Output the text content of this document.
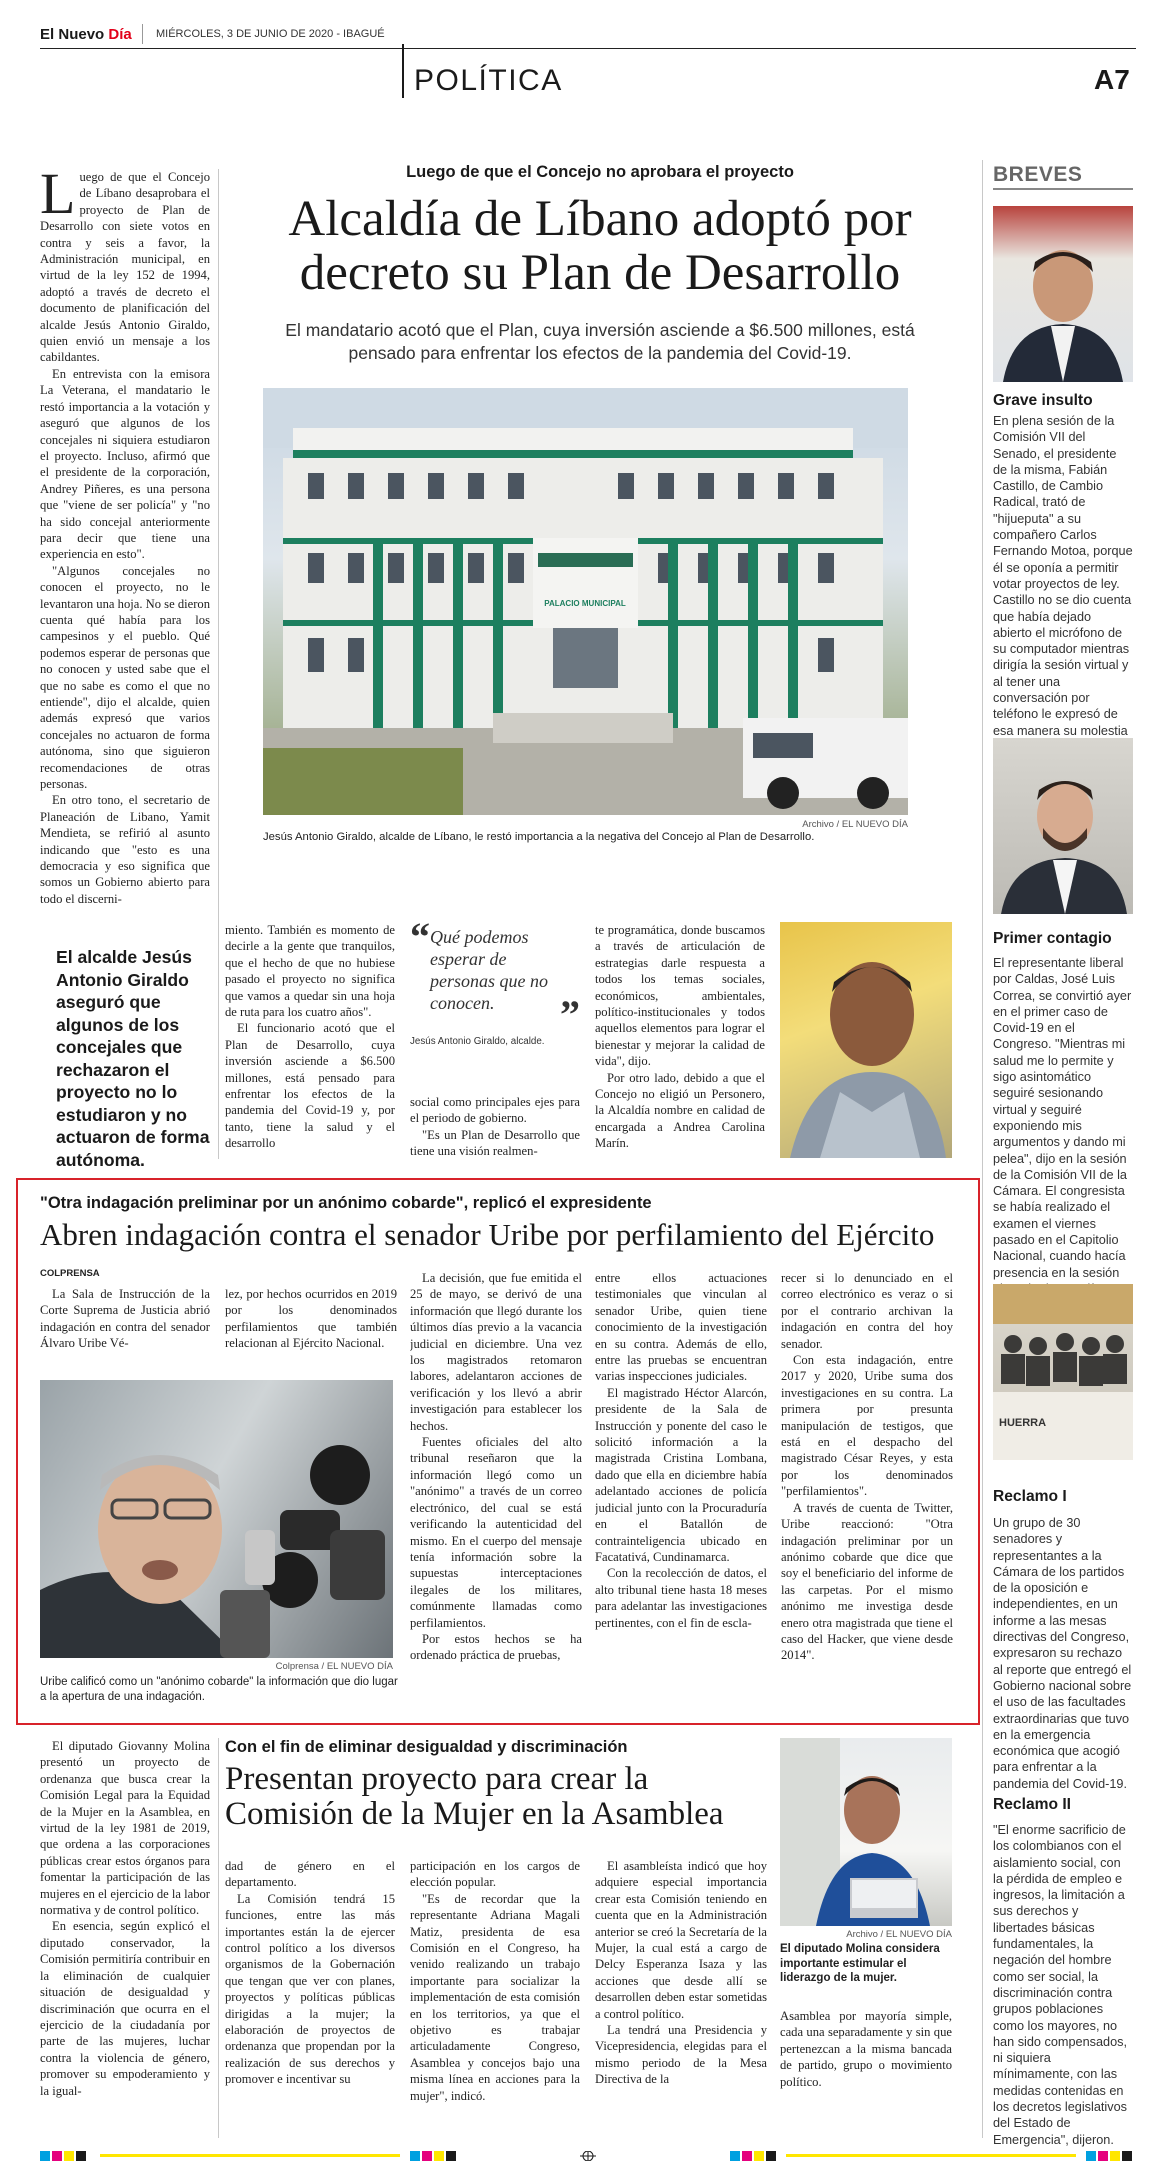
El Nuevo Día MIÉRCOLES, 3 DE JUNIO DE 2020 - IBAGUÉ
POLÍTICA	A7
Luego de que el Concejo no aprobara el proyecto
Alcaldía de Líbano adoptó por
decreto su Plan de Desarrollo
El mandatario acotó que el Plan, cuya inversión asciende a $6.500 millones, está
pensado para enfrentar los efectos de la pandemia del Covid-19.
PALACIO MUNICIPAL
Archivo / EL NUEVO DÍA
Jesús Antonio Giraldo, alcalde de Líbano, le restó importancia a la negativa del Concejo al Plan de Desarrollo.

Luego de que el Concejo de Líbano desaprobara el proyecto de Plan de Desarrollo con siete votos en contra y seis a favor, la Administración municipal, en virtud de la ley 152 de 1994, adoptó a través de decreto el documento de planificación del alcalde Jesús Antonio Giraldo, quien envió un mensaje a los cabildantes.

En entrevista con la emisora La Veterana, el mandatario le restó importancia a la votación y aseguró que algunos de los concejales ni siquiera estudiaron el proyecto. Incluso, afirmó que el presidente de la corporación, Andrey Piñeres, es una persona que "viene de ser policía" y "no ha sido concejal anteriormente para decir que tiene una experiencia en esto".

"Algunos concejales no conocen el proyecto, no le levantaron una hoja. No se dieron cuenta qué había para los campesinos y el pueblo. Qué podemos esperar de personas que no conocen y usted sabe que el que no sabe es como el que no entiende", dijo el alcalde, quien además expresó que varios concejales no actuaron de forma autónoma, sino que siguieron recomendaciones de otras personas.

En otro tono, el secretario de Planeación de Libano, Yamit Mendieta, se refirió al asunto indicando que "esto es una democracia y eso significa que somos un Gobierno abierto para todo el discerni-

El alcalde Jesús Antonio Giraldo aseguró que algunos de los concejales que rechazaron el proyecto no lo estudiaron y no actuaron de forma autónoma.

miento. También es momento de decirle a la gente que tranquilos, que el hecho de que no hubiese pasado el proyecto no significa que vamos a quedar sin una hoja de ruta para los cuatro años".

El funcionario acotó que el Plan de Desarrollo, cuya inversión asciende a $6.500 millones, está pensado para enfrentar los efectos de la pandemia del Covid-19 y, por tanto, tiene la salud y el desarrollo

“ Qué podemos esperar de personas que no conocen.	”
Jesús Antonio Giraldo, alcalde.

social como principales ejes para el periodo de gobierno.

"Es un Plan de Desarrollo que tiene una visión realmen-

te programática, donde buscamos a través de articulación de estrategias darle respuesta a todos los temas sociales, económicos, ambientales, político-institucionales y todos aquellos elementos para lograr el bienestar y mejorar la calidad de vida", dijo.

Por otro lado, debido a que el Concejo no eligió un Personero, la Alcaldía nombre en calidad de encargada a Andrea Carolina Marín.

"Otra indagación preliminar por un anónimo cobarde", replicó el expresidente
Abren indagación contra el senador Uribe por perfilamiento del Ejército
COLPRENSA

La Sala de Instrucción de la Corte Suprema de Justicia abrió indagación en contra del senador Álvaro Uribe Vé-

lez, por hechos ocurridos en 2019 por los denominados perfilamientos que también relacionan al Ejército Nacional.

Colprensa / EL NUEVO DÍA
Uribe calificó como un "anónimo cobarde" la información que dio lugar a la apertura de una indagación.

La decisión, que fue emitida el 25 de mayo, se derivó de una información que llegó durante los últimos días previo a la vacancia judicial en diciembre. Una vez los magistrados retomaron labores, adelantaron acciones de verificación y los llevó a abrir investigación para establecer los hechos.

Fuentes oficiales del alto tribunal reseñaron que la información llegó como un "anónimo" a través de un correo electrónico, del cual se está verificando la autenticidad del mismo. En el cuerpo del mensaje tenía información sobre la supuestas interceptaciones ilegales de los militares, comúnmente llamadas como perfilamientos.

Por estos hechos se ha ordenado práctica de pruebas,

entre ellos actuaciones testimoniales que vinculan al senador Uribe, quien tiene conocimiento de la investigación en su contra. Además de ello, entre las pruebas se encuentran varias inspecciones judiciales.

El magistrado Héctor Alarcón, presidente de la Sala de Instrucción y ponente del caso le solicitó información a la magistrada Cristina Lombana, dado que ella en diciembre había adelantado acciones de policía judicial junto con la Procuraduría en el Batallón de contrainteligencia ubicado en Facatativá, Cundinamarca.

Con la recolección de datos, el alto tribunal tiene hasta 18 meses para adelantar las investigaciones pertinentes, con el fin de escla-

recer si lo denunciado en el correo electrónico es veraz o si por el contrario archivan la indagación en contra del hoy senador.

Con esta indagación, entre 2017 y 2020, Uribe suma dos investigaciones en su contra. La primera por presunta manipulación de testigos, que está en el despacho del magistrado César Reyes, y esta por los denominados "perfilamientos".

A través de cuenta de Twitter, Uribe reaccionó: "Otra indagación preliminar por un anónimo cobarde que dice que soy el beneficiario del informe de las carpetas. Por el mismo anónimo me investiga desde enero otra magistrada que tiene el caso del Hacker, que viene desde 2014".

El diputado Giovanny Molina presentó un proyecto de ordenanza que busca crear la Comisión Legal para la Equidad de la Mujer en la Asamblea, en virtud de la ley 1981 de 2019, que ordena a las corporaciones públicas crear estos órganos para fomentar la participación de las mujeres en el ejercicio de la labor normativa y de control político.

En esencia, según explicó el diputado conservador, la Comisión permitiría contribuir en la eliminación de cualquier situación de desigualdad y discriminación que ocurra en el ejercicio de la ciudadanía por parte de las mujeres, luchar contra la violencia de género, promover su empoderamiento y la igual-

Con el fin de eliminar desigualdad y discriminación
Presentan proyecto para crear la
Comisión de la Mujer en la Asamblea

dad de género en el departamento.

La Comisión tendrá 15 funciones, entre las más importantes están la de ejercer control político a los diversos organismos de la Gobernación que tengan que ver con planes, proyectos y políticas públicas dirigidas a la mujer; la elaboración de proyectos de ordenanza que propendan por la realización de sus derechos y promover e incentivar su

participación en los cargos de elección popular.

"Es de recordar que la representante Adriana Magali Matiz, presidenta de esa Comisión en el Congreso, ha venido realizando un trabajo importante para socializar la implementación de esta comisión en los territorios, ya que el objetivo es trabajar articuladamente Congreso, Asamblea y concejos bajo una misma línea en acciones para la mujer", indicó.

El asambleísta indicó que hoy adquiere especial importancia crear esta Comisión teniendo en cuenta que en la Administración anterior se creó la Secretaría de la Mujer, la cual está a cargo de Delcy Esperanza Isaza y las acciones que desde allí se desarrollen deben estar sometidas a control político.

La tendrá una Presidencia y Vicepresidencia, elegidas para el mismo periodo de la Mesa Directiva de la

Archivo / EL NUEVO DÍA
El diputado Molina considera importante estimular el liderazgo de la mujer.

Asamblea por mayoría simple, cada una separadamente y sin que pertenezcan a la misma bancada de partido, grupo o movimiento político.

BREVES
Grave insulto
En plena sesión de la Comisión VII del Senado, el presidente de la misma, Fabián Castillo, de Cambio Radical, trató de "hijueputa" a su compañero Carlos Fernando Motoa, porque él se oponía a permitir votar proyectos de ley. Castillo no se dio cuenta que había dejado abierto el micrófono de su computador mientras dirigía la sesión virtual y al tener una conversación por teléfono le expresó de esa manera su molestia
Primer contagio
El representante liberal por Caldas, José Luis Correa, se convirtió ayer en el primer caso de Covid-19 en el Congreso. "Mientras mi salud me lo permite y sigo asintomático seguiré sesionando virtual y seguiré exponiendo mis argumentos y dando mi pelea", dijo en la sesión de la Comisión VII de la Cámara. El congresista se había realizado el examen el viernes pasado en el Capitolio Nacional, cuando hacía presencia en la sesión
HUERRA
Reclamo I
Un grupo de 30 senadores y representantes a la Cámara de los partidos de la oposición e independientes, en un informe a las mesas directivas del Congreso, expresaron su rechazo al reporte que entregó el Gobierno nacional sobre el uso de las facultades extraordinarias que tuvo en la emergencia económica que acogió para enfrentar a la pandemia del Covid-19.
Reclamo II
"El enorme sacrificio de los colombianos con el aislamiento social, con la pérdida de empleo e ingresos, la limitación a sus derechos y libertades básicas fundamentales, la negación del hombre como ser social, la discriminación contra grupos poblaciones como los mayores, no han sido compensados, ni siquiera mínimamente, con las medidas contenidas en los decretos legislativos del Estado de Emergencia", dijeron.
